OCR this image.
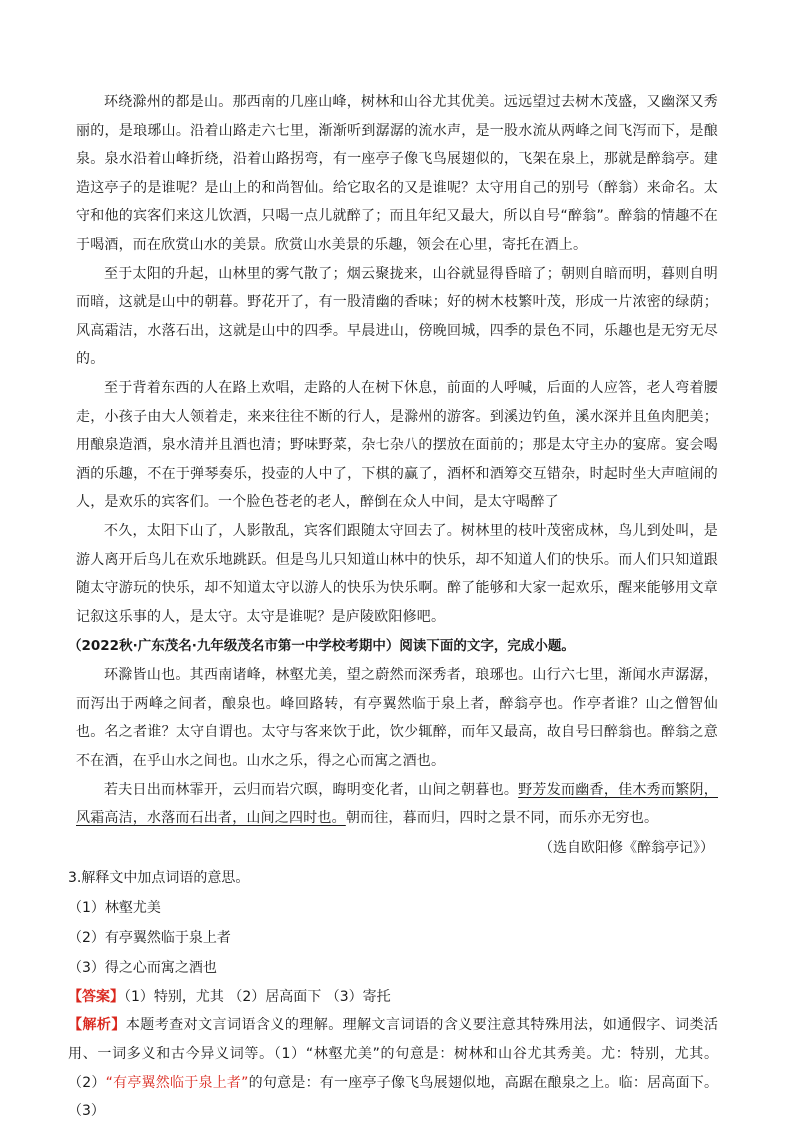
环绕滁州的都是山。那西南的几座山峰，树林和山谷尤其优美。远远望过去树木茂盛，又幽深又秀丽的，是琅琊山。沿着山路走六七里，渐渐听到潺潺的流水声，是一股水流从两峰之间飞泻而下，是酿泉。泉水沿着山峰折绕，沿着山路拐弯，有一座亭子像飞鸟展翅似的，飞架在泉上，那就是醉翁亭。建造这亭子的是谁呢？是山上的和尚智仙。给它取名的又是谁呢？太守用自己的别号（醉翁）来命名。太守和他的宾客们来这儿饮酒，只喝一点儿就醉了；而且年纪又最大，所以自号“醉翁”。醉翁的情趣不在于喝酒，而在欣赏山水的美景。欣赏山水美景的乐趣，领会在心里，寄托在酒上。

至于太阳的升起，山林里的雾气散了；烟云聚拢来，山谷就显得昏暗了；朝则自暗而明，暮则自明而暗，这就是山中的朝暮。野花开了，有一股清幽的香味；好的树木枝繁叶茂，形成一片浓密的绿荫；风高霜洁，水落石出，这就是山中的四季。早晨进山，傍晚回城，四季的景色不同，乐趣也是无穷无尽的。

至于背着东西的人在路上欢唱，走路的人在树下休息，前面的人呼喊，后面的人应答，老人弯着腰走，小孩子由大人领着走，来来往往不断的行人，是滁州的游客。到溪边钓鱼，溪水深并且鱼肉肥美；用酿泉造酒，泉水清并且酒也清；野味野菜，杂七杂八的摆放在面前的；那是太守主办的宴席。宴会喝酒的乐趣，不在于弹琴奏乐，投壶的人中了，下棋的赢了，酒杯和酒筹交互错杂，时起时坐大声喧闹的人，是欢乐的宾客们。一个脸色苍老的老人，醉倒在众人中间，是太守喝醉了

不久，太阳下山了，人影散乱，宾客们跟随太守回去了。树林里的枝叶茂密成林，鸟儿到处叫，是游人离开后鸟儿在欢乐地跳跃。但是鸟儿只知道山林中的快乐，却不知道人们的快乐。而人们只知道跟随太守游玩的快乐，却不知道太守以游人的快乐为快乐啊。醉了能够和大家一起欢乐，醒来能够用文章记叙这乐事的人，是太守。太守是谁呢？是庐陵欧阳修吧。

（2022秋·广东茂名·九年级茂名市第一中学校考期中）阅读下面的文字，完成小题。

环滁皆山也。其西南诸峰，林壑尤美，望之蔚然而深秀者，琅琊也。山行六七里，渐闻水声潺潺，而泻出于两峰之间者，酿泉也。峰回路转，有亭翼然临于泉上者，醉翁亭也。作亭者谁？山之僧智仙也。名之者谁？太守自谓也。太守与客来饮于此，饮少辄醉，而年又最高，故自号曰醉翁也。醉翁之意不在酒，在乎山水之间也。山水之乐，得之心而寓之酒也。

若夫日出而林霏开，云归而岩穴暝，晦明变化者，山间之朝暮也。野芳发而幽香，佳木秀而繁阴，风霜高洁，水落而石出者，山间之四时也。朝而往，暮而归，四时之景不同，而乐亦无穷也。

（选自欧阳修《醉翁亭记》）

3.解释文中加点词语的意思。

（1）林壑尤美

（2）有亭翼然临于泉上者

（3）得之心而寓之酒也

【答案】（1）特别，尤其 （2）居高面下 （3）寄托

【解析】本题考查对文言词语含义的理解。理解文言词语的含义要注意其特殊用法，如通假字、词类活用、一词多义和古今异义词等。（1）“林壑尤美”的句意是：树林和山谷尤其秀美。尤：特别，尤其。（2）“有亭翼然临于泉上者”的句意是：有一座亭子像飞鸟展翅似地，高踞在酿泉之上。临：居高面下。（3）
